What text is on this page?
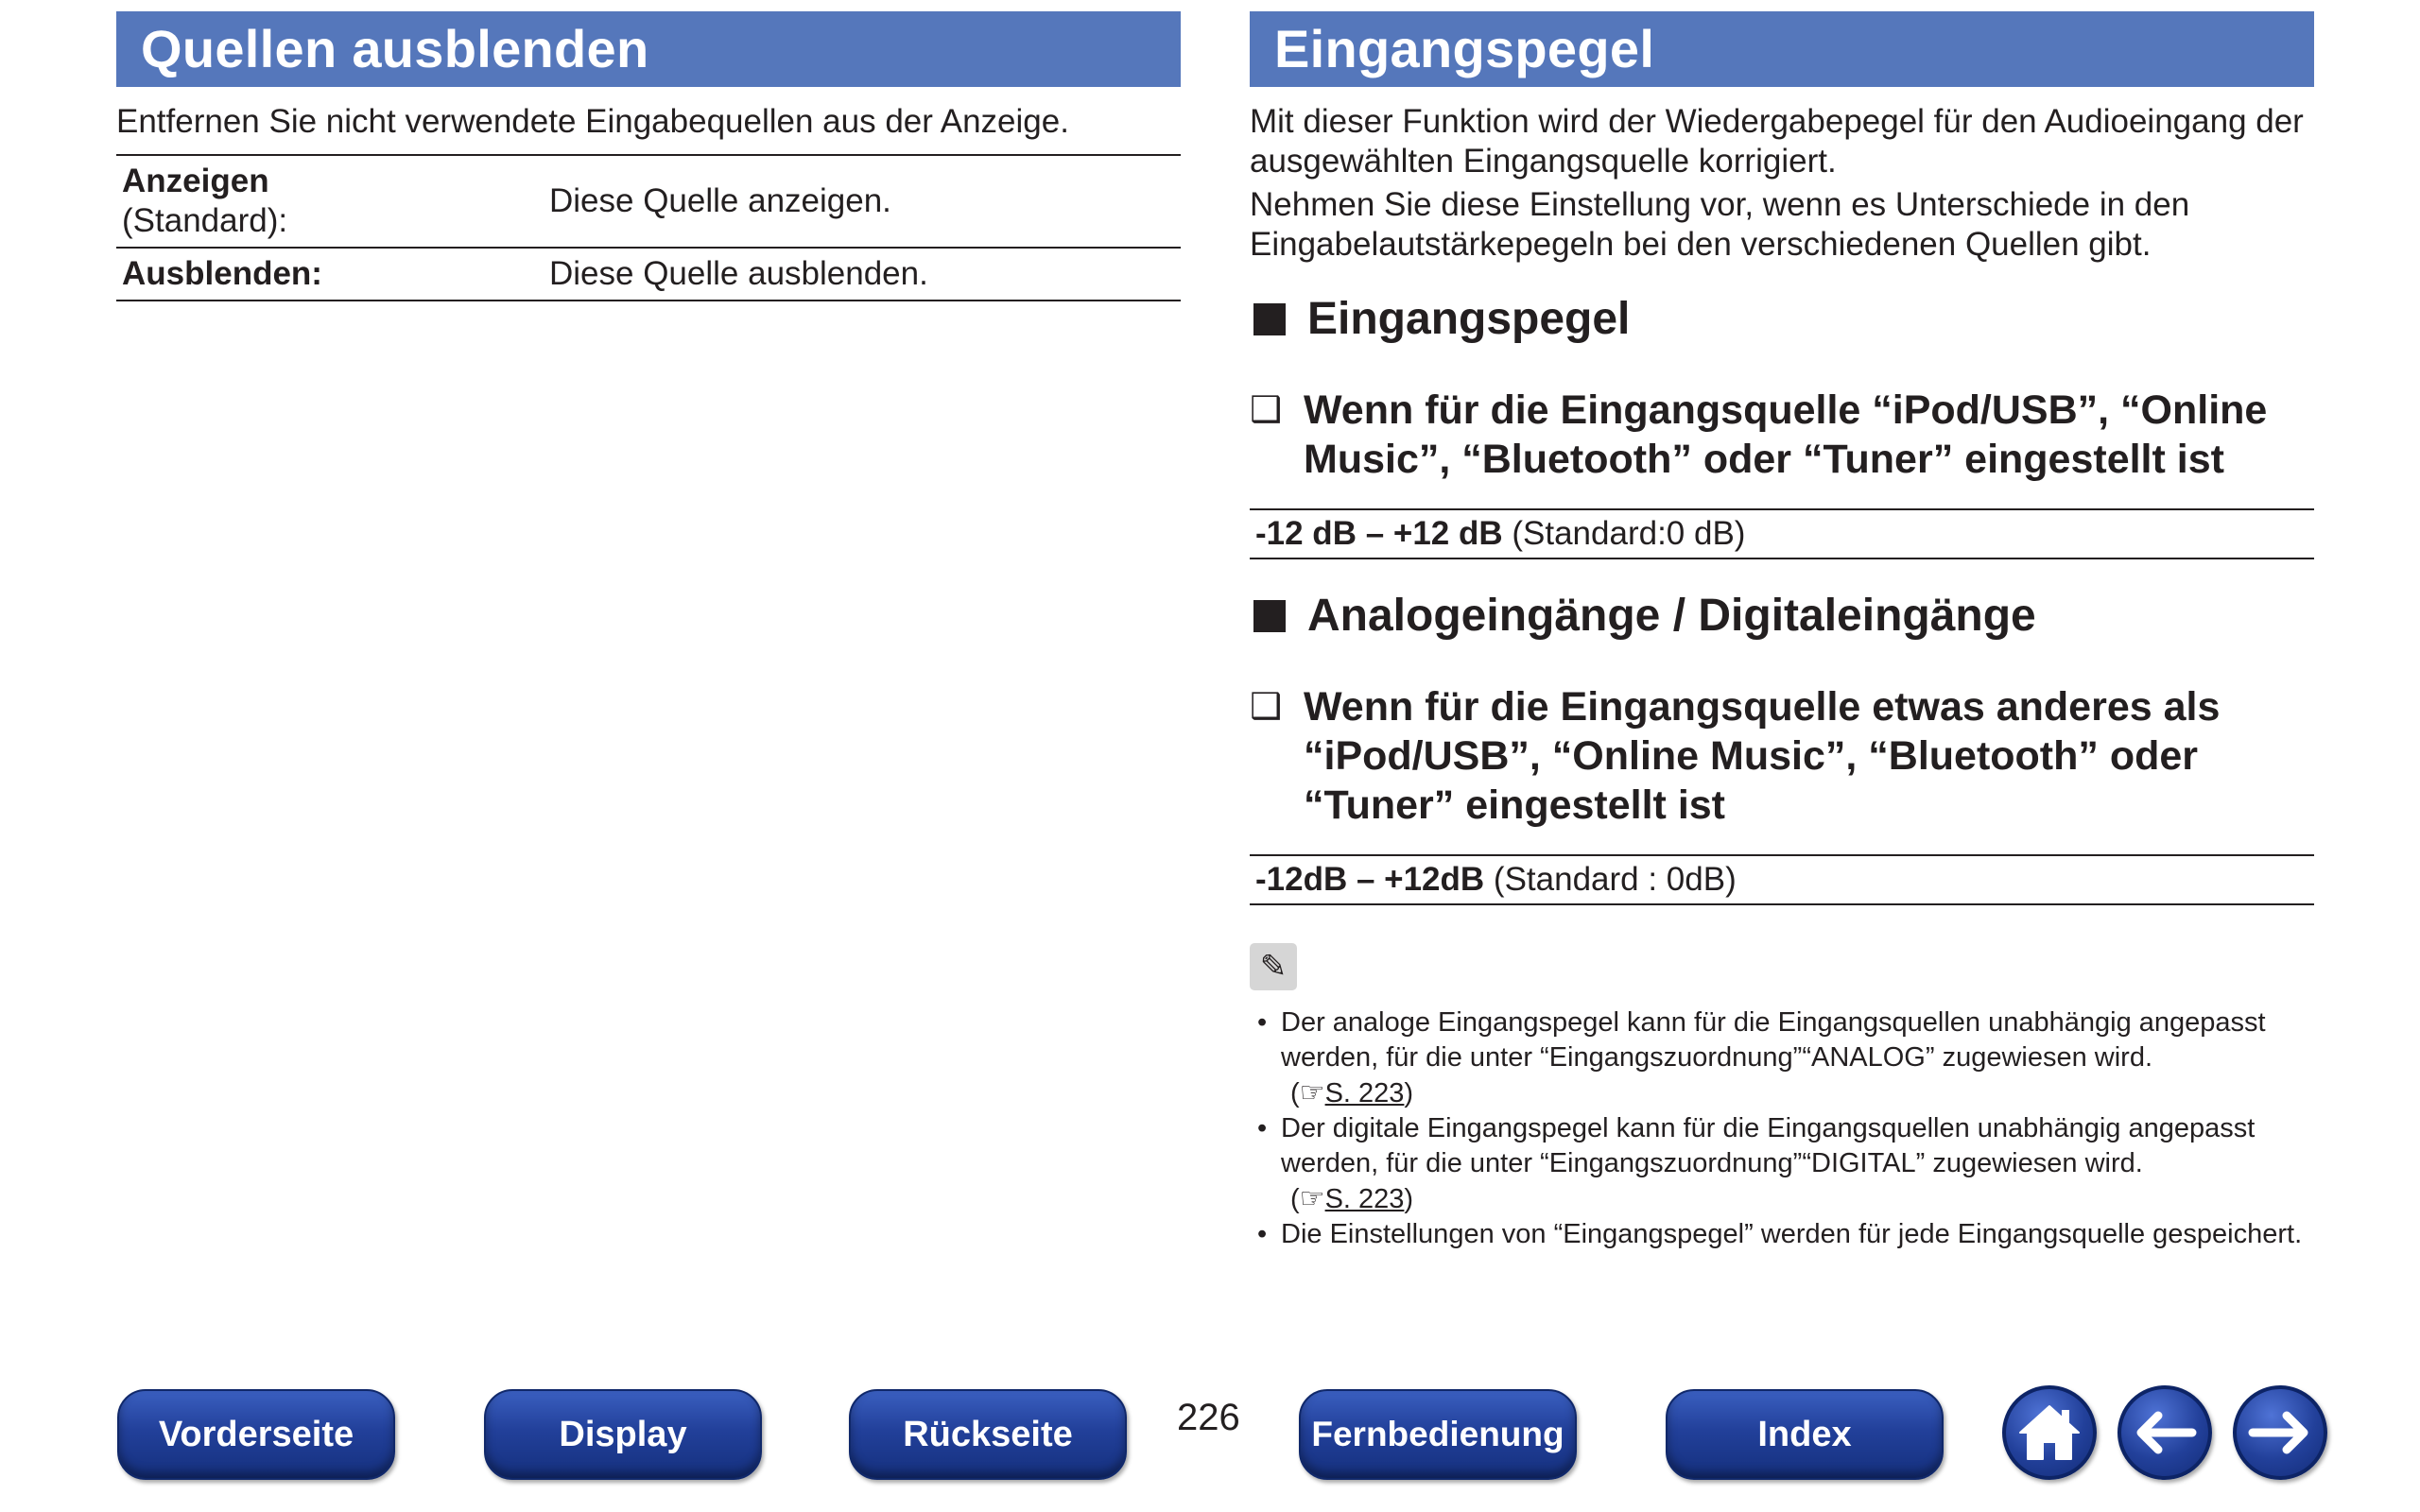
Quellen ausblenden

Entfernen Sie nicht verwendete Eingabequellen aus der Anzeige.

Anzeigen
(Standard):	Diese Quelle anzeigen.
Ausblenden:	Diese Quelle ausblenden.
Eingangspegel

Mit dieser Funktion wird der Wiedergabepegel für den Audioeingang der ausgewählten Eingangsquelle korrigiert.

Nehmen Sie diese Einstellung vor, wenn es Unterschiede in den Eingabelautstärkepegeln bei den verschiedenen Quellen gibt.

Eingangspegel
❑ Wenn für die Eingangsquelle “iPod/USB”, “Online Music”, “Bluetooth” oder “Tuner” eingestellt ist
-12 dB – +12 dB (Standard:0 dB)
Analogeingänge / Digitaleingänge
❑ Wenn für die Eingangsquelle etwas anderes als “iPod/USB”, “Online Music”, “Bluetooth” oder “Tuner” eingestellt ist
-12dB – +12dB (Standard : 0dB)
✎
• Der analoge Eingangspegel kann für die Eingangsquellen unabhängig angepasst werden, für die unter “Eingangszuordnung”“ANALOG” zugewiesen wird.
(☞S. 223)
• Der digitale Eingangspegel kann für die Eingangsquellen unabhängig angepasst werden, für die unter “Eingangszuordnung”“DIGITAL” zugewiesen wird.
(☞S. 223)
• Die Einstellungen von “Eingangspegel” werden für jede Eingangsquelle gespeichert.
Vorderseite	Display	Rückseite	226	Fernbedienung	Index
